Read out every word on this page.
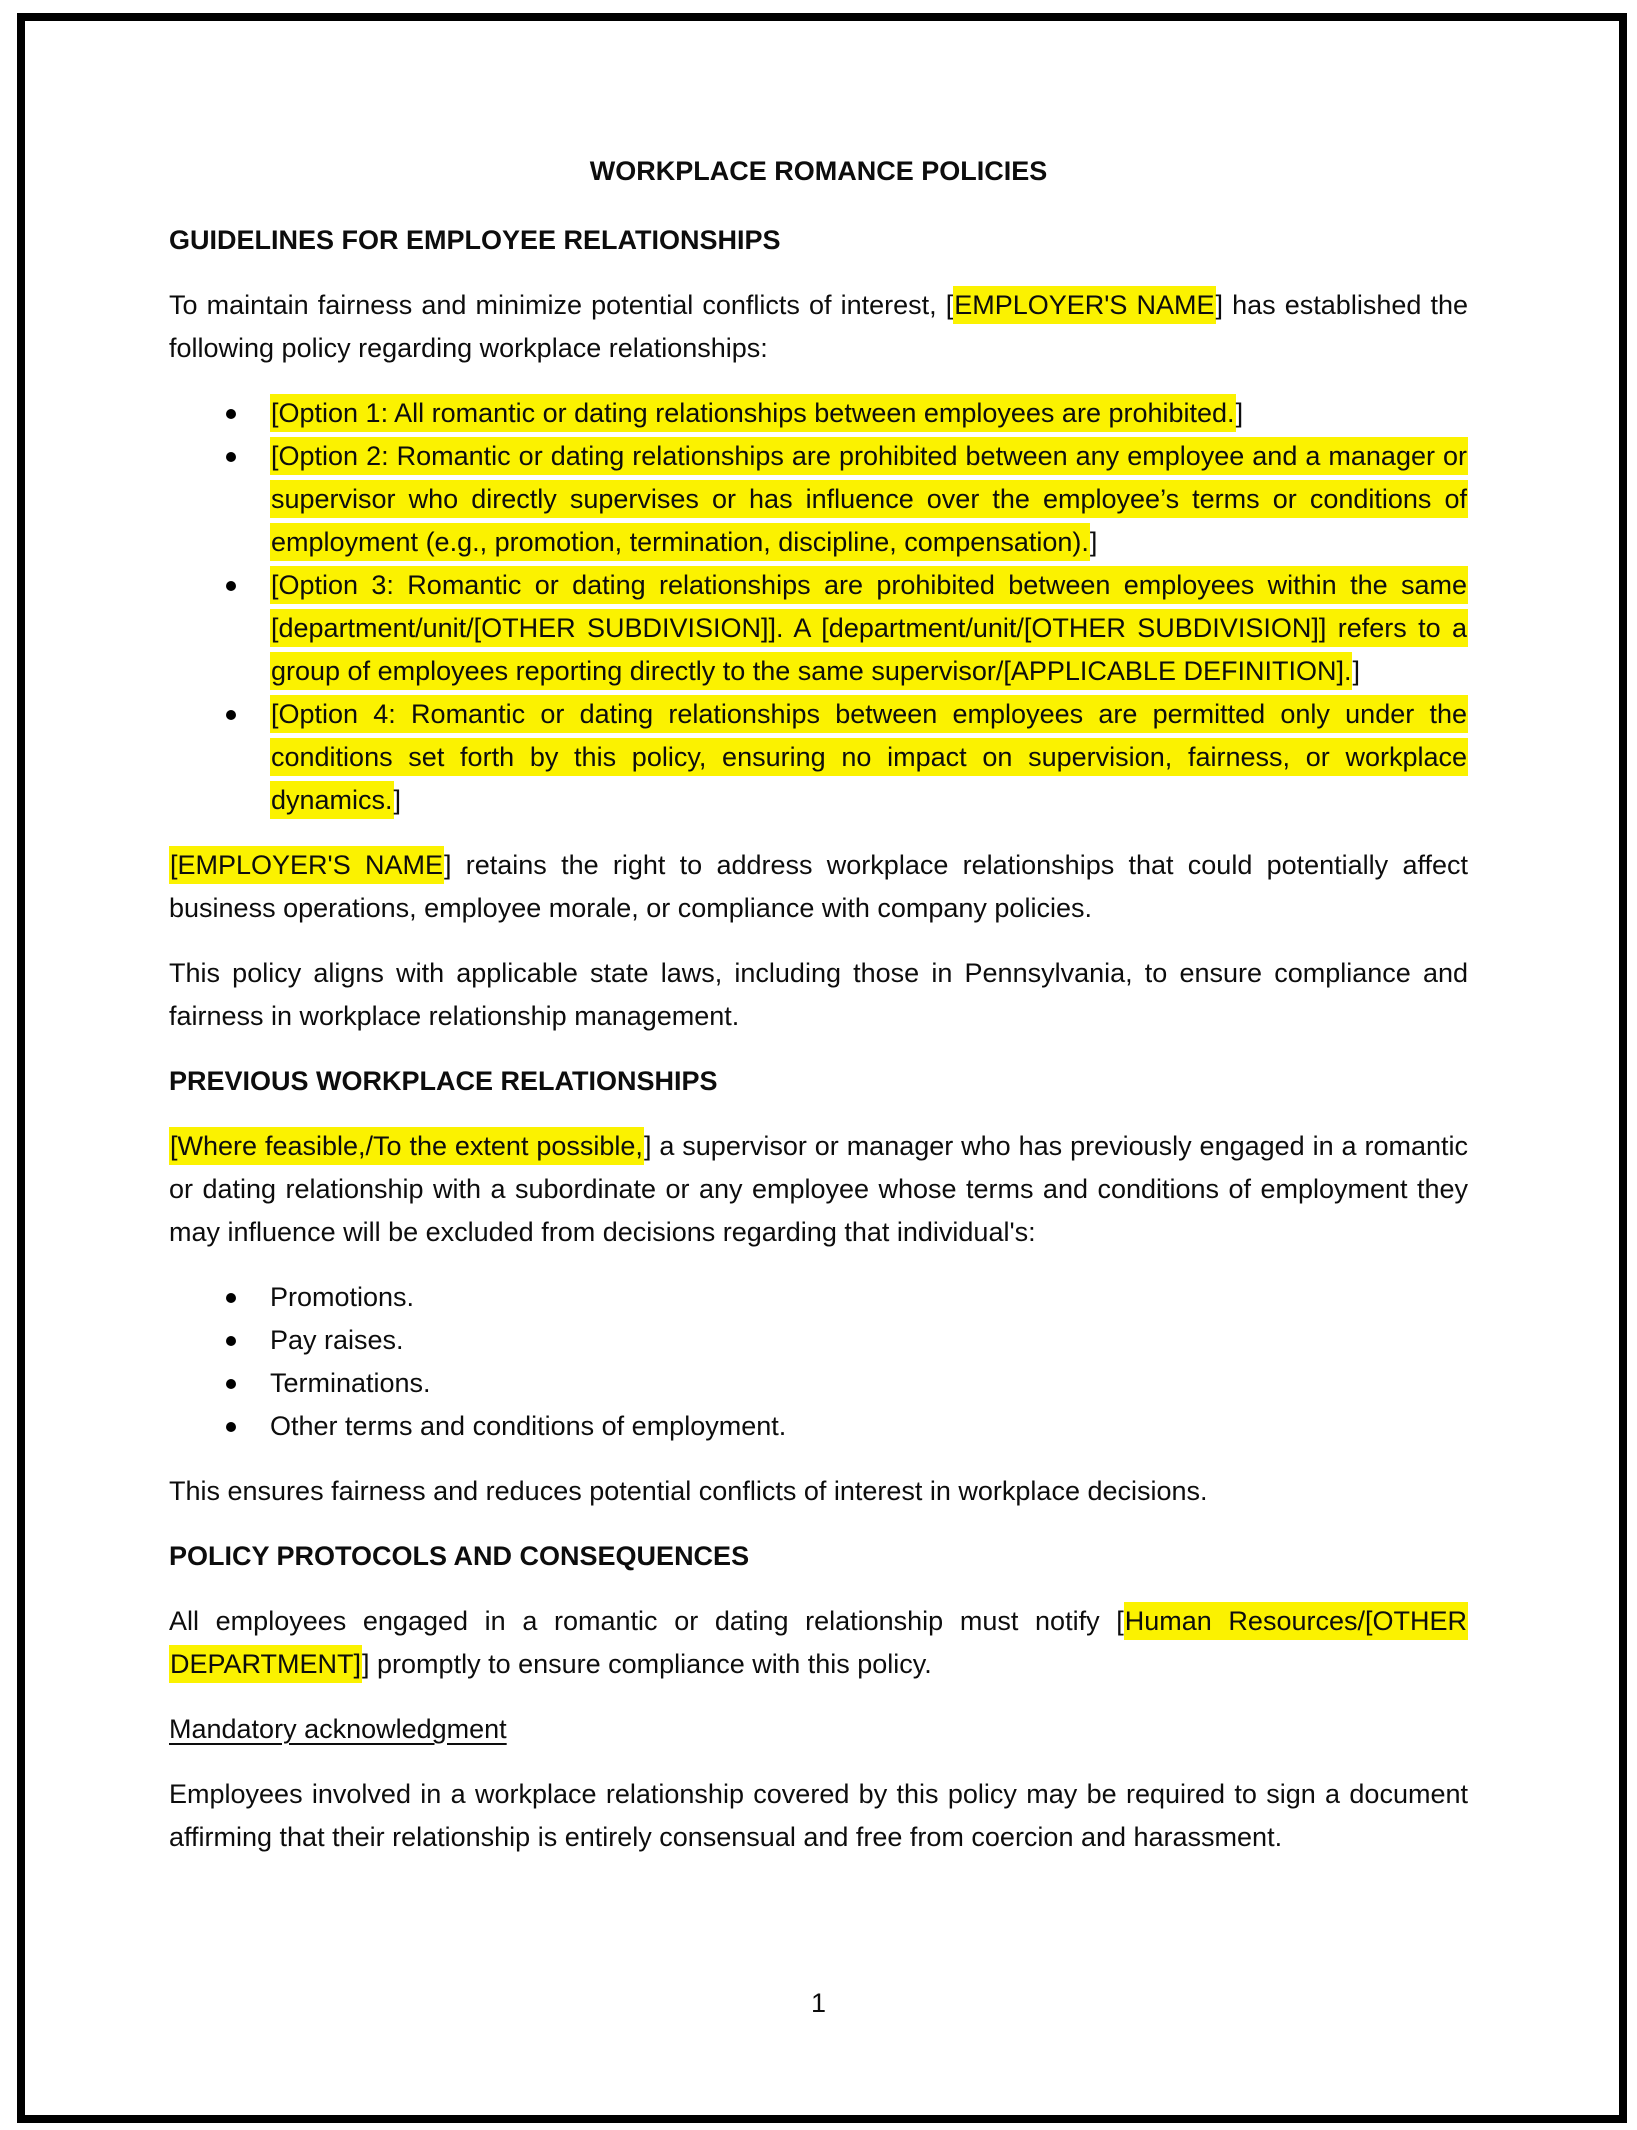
WORKPLACE ROMANCE POLICIES

GUIDELINES FOR EMPLOYEE RELATIONSHIPS

To maintain fairness and minimize potential conflicts of interest, [EMPLOYER'S NAME] has established the following policy regarding workplace relationships:

[Option 1: All romantic or dating relationships between employees are prohibited.]
[Option 2: Romantic or dating relationships are prohibited between any employee and a manager or supervisor who directly supervises or has influence over the employee’s terms or conditions of employment (e.g., promotion, termination, discipline, compensation).]
[Option 3: Romantic or dating relationships are prohibited between employees within the same [department/unit/[OTHER SUBDIVISION]]. A [department/unit/[OTHER SUBDIVISION]] refers to a group of employees reporting directly to the same supervisor/[APPLICABLE DEFINITION].]
[Option 4: Romantic or dating relationships between employees are permitted only under the conditions set forth by this policy, ensuring no impact on supervision, fairness, or workplace dynamics.]

[EMPLOYER'S NAME] retains the right to address workplace relationships that could potentially affect business operations, employee morale, or compliance with company policies.

This policy aligns with applicable state laws, including those in Pennsylvania, to ensure compliance and fairness in workplace relationship management.

PREVIOUS WORKPLACE RELATIONSHIPS

[Where feasible,/To the extent possible,] a supervisor or manager who has previously engaged in a romantic or dating relationship with a subordinate or any employee whose terms and conditions of employment they may influence will be excluded from decisions regarding that individual's:

Promotions.
Pay raises.
Terminations.
Other terms and conditions of employment.

This ensures fairness and reduces potential conflicts of interest in workplace decisions.

POLICY PROTOCOLS AND CONSEQUENCES

All employees engaged in a romantic or dating relationship must notify [Human Resources/[OTHER DEPARTMENT]] promptly to ensure compliance with this policy.

Mandatory acknowledgment

Employees involved in a workplace relationship covered by this policy may be required to sign a document affirming that their relationship is entirely consensual and free from coercion and harassment.

1
